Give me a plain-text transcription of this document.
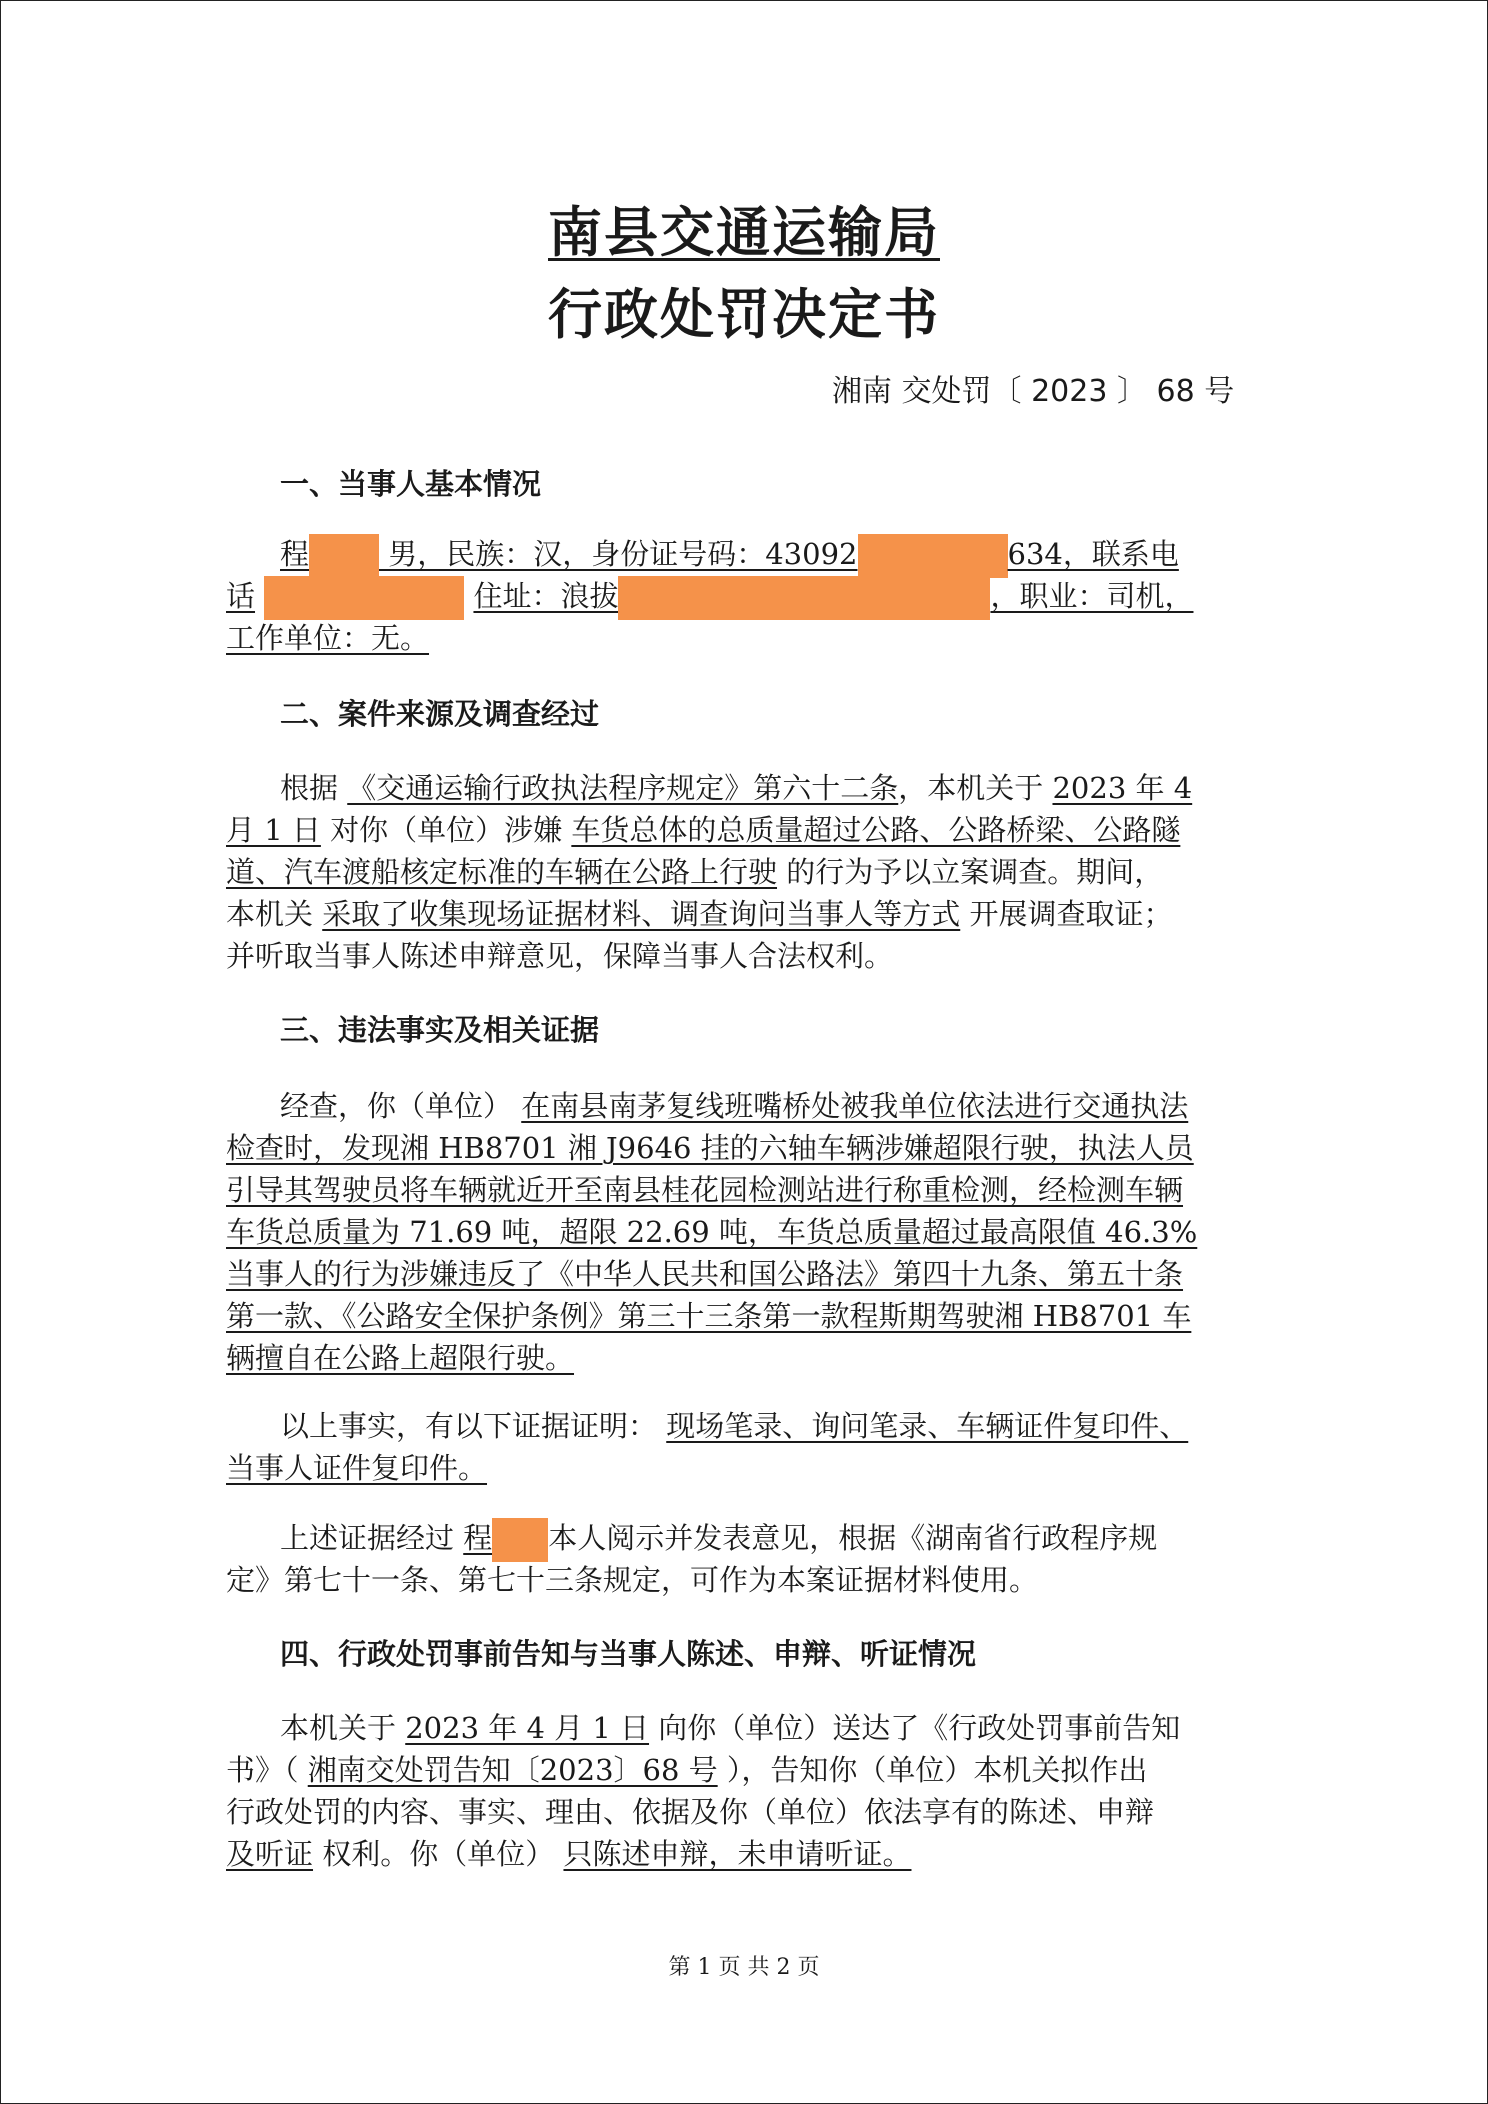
南县交通运输局
行政处罚决定书
湘南 交处罚〔 2023 〕 68 号
一、当事人基本情况
程 男，民族：汉，身份证号码：43092	634，联系电
话	住址：浪拔	，职业：司机，
工作单位：无。
二、案件来源及调查经过
根据 《交通运输行政执法程序规定》第六十二条，本机关于 2023 年 4
月 1 日 对你（单位）涉嫌 车货总体的总质量超过公路、公路桥梁、公路隧
道、汽车渡船核定标准的车辆在公路上行驶 的行为予以立案调查。期间，
本机关 采取了收集现场证据材料、调查询问当事人等方式 开展调查取证；
并听取当事人陈述申辩意见，保障当事人合法权利。
三、违法事实及相关证据
经查，你（单位） 在南县南茅复线班嘴桥处被我单位依法进行交通执法
检查时，发现湘 HB8701 湘 J9646 挂的六轴车辆涉嫌超限行驶，执法人员
引导其驾驶员将车辆就近开至南县桂花园检测站进行称重检测，经检测车辆
车货总质量为 71.69 吨，超限 22.69 吨，车货总质量超过最高限值 46.3%
当事人的行为涉嫌违反了《中华人民共和国公路法》第四十九条、第五十条
第一款、《公路安全保护条例》第三十三条第一款程斯期驾驶湘 HB8701 车
辆擅自在公路上超限行驶。
以上事实，有以下证据证明： 现场笔录、询问笔录、车辆证件复印件、
当事人证件复印件。
上述证据经过 程 本人阅示并发表意见，根据《湖南省行政程序规
定》第七十一条、第七十三条规定，可作为本案证据材料使用。
四、行政处罚事前告知与当事人陈述、申辩、听证情况
本机关于 2023 年 4 月 1 日 向你（单位）送达了《行政处罚事前告知
书》（ 湘南交处罚告知〔2023〕68 号 ），告知你（单位）本机关拟作出
行政处罚的内容、事实、理由、依据及你（单位）依法享有的陈述、申辩
及听证 权利。你（单位） 只陈述申辩，未申请听证。
第 1 页 共 2 页
